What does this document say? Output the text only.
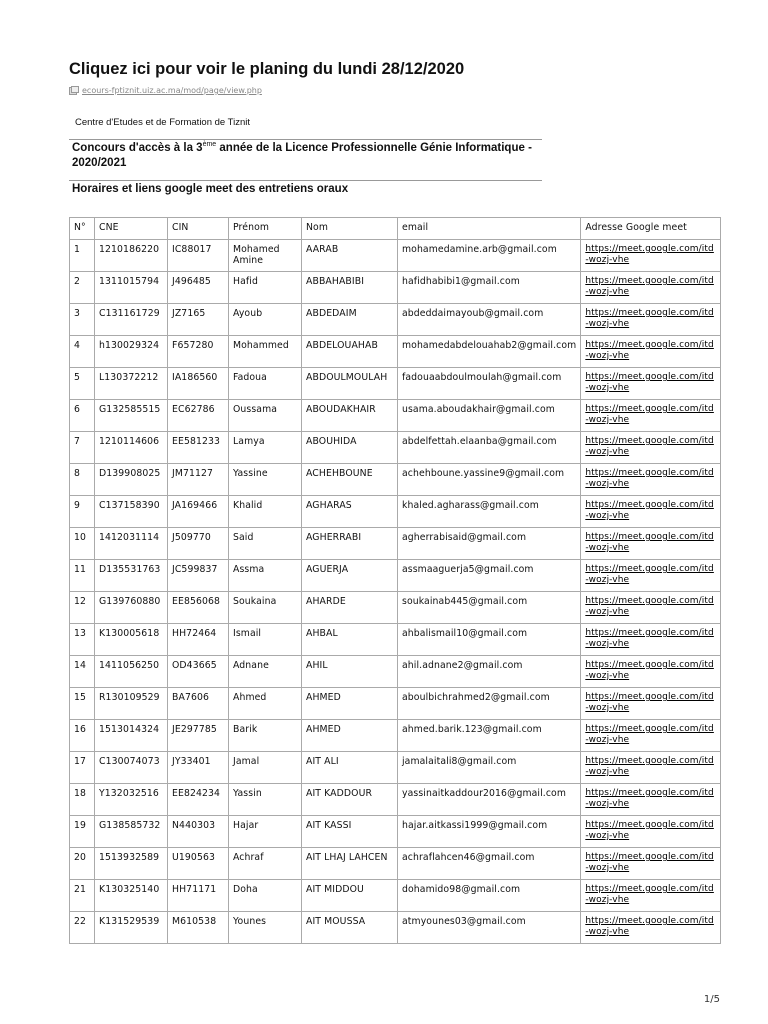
Cliquez ici pour voir le planing du lundi 28/12/2020
ecours-fptiznit.uiz.ac.ma/mod/page/view.php
Centre d'Etudes et de Formation de Tiznit
Concours d'accès à la 3ème année de la Licence Professionnelle Génie Informatique - 2020/2021
Horaires et liens google meet des entretiens oraux
N°	CNE	CIN	Prénom	Nom	email	Adresse Google meet
1	1210186220	IC88017	Mohamed Amine	AARAB	mohamedamine.arb@gmail.com	https://meet.google.com/itd-wozj-vhe
2	1311015794	J496485	Hafid	ABBAHABIBI	hafidhabibi1@gmail.com	https://meet.google.com/itd-wozj-vhe
3	C131161729	JZ7165	Ayoub	ABDEDAIM	abdeddaimayoub@gmail.com	https://meet.google.com/itd-wozj-vhe
4	h130029324	F657280	Mohammed	ABDELOUAHAB	mohamedabdelouahab2@gmail.com	https://meet.google.com/itd-wozj-vhe
5	L130372212	IA186560	Fadoua	ABDOULMOULAH	fadouaabdoulmoulah@gmail.com	https://meet.google.com/itd-wozj-vhe
6	G132585515	EC62786	Oussama	ABOUDAKHAIR	usama.aboudakhair@gmail.com	https://meet.google.com/itd-wozj-vhe
7	1210114606	EE581233	Lamya	ABOUHIDA	abdelfettah.elaanba@gmail.com	https://meet.google.com/itd-wozj-vhe
8	D139908025	JM71127	Yassine	ACHEHBOUNE	achehboune.yassine9@gmail.com	https://meet.google.com/itd-wozj-vhe
9	C137158390	JA169466	Khalid	AGHARAS	khaled.agharass@gmail.com	https://meet.google.com/itd-wozj-vhe
10	1412031114	J509770	Said	AGHERRABI	agherrabisaid@gmail.com	https://meet.google.com/itd-wozj-vhe
11	D135531763	JC599837	Assma	AGUERJA	assmaaguerja5@gmail.com	https://meet.google.com/itd-wozj-vhe
12	G139760880	EE856068	Soukaina	AHARDE	soukainab445@gmail.com	https://meet.google.com/itd-wozj-vhe
13	K130005618	HH72464	Ismail	AHBAL	ahbalismail10@gmail.com	https://meet.google.com/itd-wozj-vhe
14	1411056250	OD43665	Adnane	AHIL	ahil.adnane2@gmail.com	https://meet.google.com/itd-wozj-vhe
15	R130109529	BA7606	Ahmed	AHMED	aboulbichrahmed2@gmail.com	https://meet.google.com/itd-wozj-vhe
16	1513014324	JE297785	Barik	AHMED	ahmed.barik.123@gmail.com	https://meet.google.com/itd-wozj-vhe
17	C130074073	JY33401	Jamal	AIT ALI	jamalaitali8@gmail.com	https://meet.google.com/itd-wozj-vhe
18	Y132032516	EE824234	Yassin	AIT KADDOUR	yassinaitkaddour2016@gmail.com	https://meet.google.com/itd-wozj-vhe
19	G138585732	N440303	Hajar	AIT KASSI	hajar.aitkassi1999@gmail.com	https://meet.google.com/itd-wozj-vhe
20	1513932589	U190563	Achraf	AIT LHAJ LAHCEN	achraflahcen46@gmail.com	https://meet.google.com/itd-wozj-vhe
21	K130325140	HH71171	Doha	AIT MIDDOU	dohamido98@gmail.com	https://meet.google.com/itd-wozj-vhe
22	K131529539	M610538	Younes	AIT MOUSSA	atmyounes03@gmail.com	https://meet.google.com/itd-wozj-vhe
1/5
